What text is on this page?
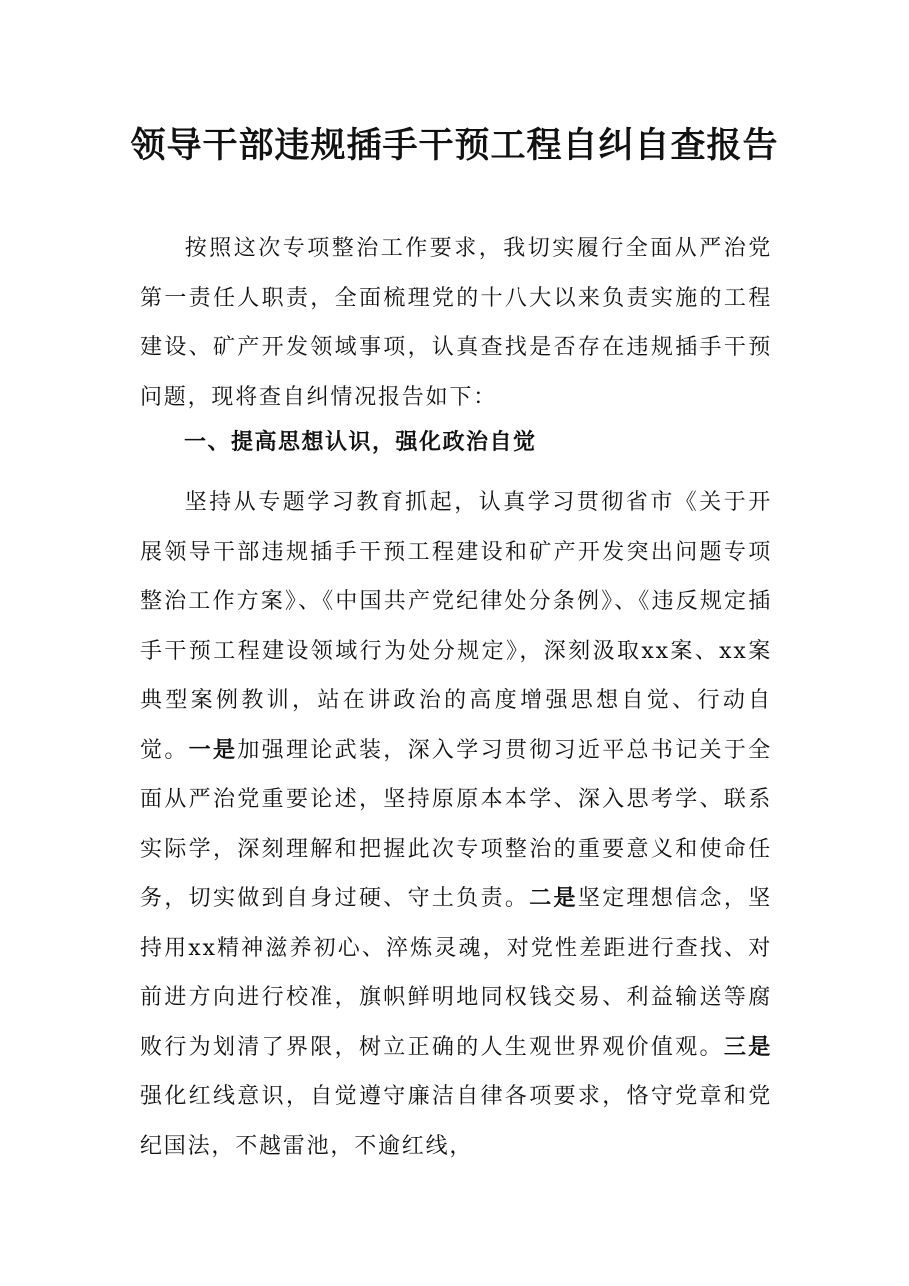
领导干部违规插手干预工程自纠自查报告
按照这次专项整治工作要求，我切实履行全面从严治党第一责任人职责，全面梳理党的十八大以来负责实施的工程建设、矿产开发领域事项，认真查找是否存在违规插手干预问题，现将查自纠情况报告如下：
一、提高思想认识，强化政治自觉
坚持从专题学习教育抓起，认真学习贯彻省市《关于开展领导干部违规插手干预工程建设和矿产开发突出问题专项整治工作方案》、《中国共产党纪律处分条例》、《违反规定插手干预工程建设领域行为处分规定》，深刻汲取xx案、xx案典型案例教训，站在讲政治的高度增强思想自觉、行动自觉。一是加强理论武装，深入学习贯彻习近平总书记关于全面从严治党重要论述，坚持原原本本学、深入思考学、联系实际学，深刻理解和把握此次专项整治的重要意义和使命任务，切实做到自身过硬、守土负责。二是坚定理想信念，坚持用xx精神滋养初心、淬炼灵魂，对党性差距进行查找、对前进方向进行校准，旗帜鲜明地同权钱交易、利益输送等腐败行为划清了界限，树立正确的人生观世界观价值观。三是强化红线意识，自觉遵守廉洁自律各项要求，恪守党章和党纪国法，不越雷池，不逾红线，
